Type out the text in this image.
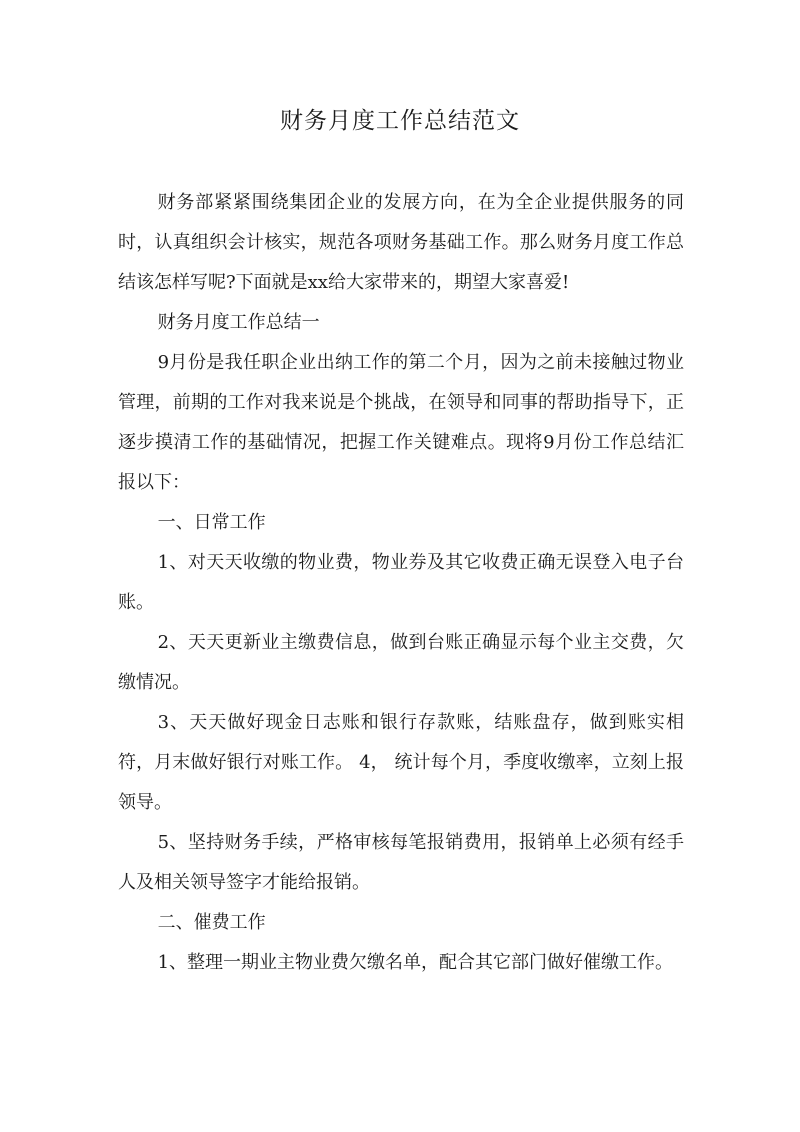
财务月度工作总结范文

财务部紧紧围绕集团企业的发展方向，在为全企业提供服务的同时，认真组织会计核实，规范各项财务基础工作。那么财务月度工作总结该怎样写呢?下面就是xx给大家带来的，期望大家喜爱!

财务月度工作总结一

9月份是我任职企业出纳工作的第二个月，因为之前未接触过物业管理，前期的工作对我来说是个挑战，在领导和同事的帮助指导下，正逐步摸清工作的基础情况，把握工作关键难点。现将9月份工作总结汇报以下：

一、日常工作

1、对天天收缴的物业费，物业券及其它收费正确无误登入电子台账。

2、天天更新业主缴费信息，做到台账正确显示每个业主交费，欠缴情况。

3、天天做好现金日志账和银行存款账，结账盘存，做到账实相符，月末做好银行对账工作。 4， 统计每个月，季度收缴率，立刻上报领导。

5、坚持财务手续，严格审核每笔报销费用，报销单上必须有经手人及相关领导签字才能给报销。

二、催费工作

1、整理一期业主物业费欠缴名单，配合其它部门做好催缴工作。
